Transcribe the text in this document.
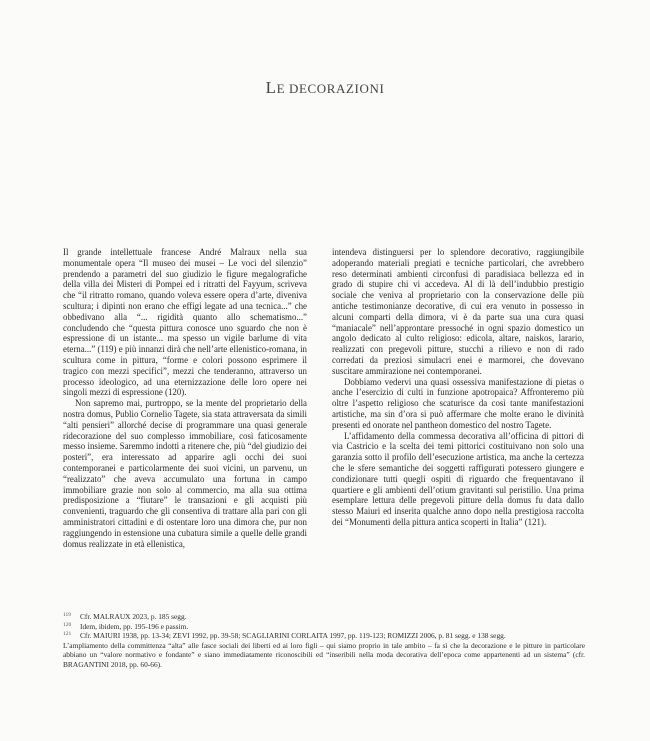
LE DECORAZIONI

Il grande intellettuale francese André Malraux nella sua monumentale opera “Il museo dei musei – Le voci del silenzio” prendendo a parametri del suo giudizio le figure megalografiche della villa dei Misteri di Pompei ed i ritratti del Fayyum, scriveva che “il ritratto romano, quando voleva essere opera d’arte, diveniva scultura; i dipinti non erano che effigi legate ad una tecnica...” che obbedivano alla “... rigidità quanto allo schematismo...” concludendo che “questa pittura conosce uno sguardo che non è espressione di un istante... ma spesso un vigile barlume di vita eterna...” (119) e più innanzi dirà che nell’arte ellenistico-romana, in scultura come in pittura, “forme e colori possono esprimere il tragico con mezzi specifici”, mezzi che tenderanno, attraverso un processo ideologico, ad una eternizzazione delle loro opere nei singoli mezzi di espressione (120).

Non sapremo mai, purtroppo, se la mente del proprietario della nostra domus, Publio Cornelio Tagete, sia stata attraversata da simili “alti pensieri” allorché decise di programmare una quasi generale ridecorazione del suo complesso immobiliare, così faticosamente messo insieme. Saremmo indotti a ritenere che, più “del giudizio dei posteri”, era interessato ad apparire agli occhi dei suoi contemporanei e particolarmente dei suoi vicini, un parvenu, un “realizzato” che aveva accumulato una fortuna in campo immobiliare grazie non solo al commercio, ma alla sua ottima predisposizione a “fiutare” le transazioni e gli acquisti più convenienti, traguardo che gli consentiva di trattare alla pari con gli amministratori cittadini e di ostentare loro una dimora che, pur non raggiungendo in estensione una cubatura simile a quelle delle grandi domus realizzate in età ellenistica,

intendeva distinguersi per lo splendore decorativo, raggiungibile adoperando materiali pregiati e tecniche particolari, che avrebbero reso determinati ambienti circonfusi di paradisiaca bellezza ed in grado di stupire chi vi accedeva. Al di là dell’indubbio prestigio sociale che veniva al proprietario con la conservazione delle più antiche testimonianze decorative, di cui era venuto in possesso in alcuni comparti della dimora, vi è da parte sua una cura quasi “maniacale” nell’approntare pressoché in ogni spazio domestico un angolo dedicato al culto religioso: edicola, altare, naiskos, larario, realizzati con pregevoli pitture, stucchi a rilievo e non di rado corredati da preziosi simulacri enei e marmorei, che dovevano suscitare ammirazione nei contemporanei.

Dobbiamo vedervi una quasi ossessiva manifestazione di pietas o anche l’esercizio di culti in funzione apotropaica? Affronteremo più oltre l’aspetto religioso che scaturisce da così tante manifestazioni artistiche, ma sin d’ora si può affermare che molte erano le divinità presenti ed onorate nel pantheon domestico del nostro Tagete.

L’affidamento della commessa decorativa all’officina di pittori di via Castricio e la scelta dei temi pittorici costituivano non solo una garanzia sotto il profilo dell’esecuzione artistica, ma anche la certezza che le sfere semantiche dei soggetti raffigurati potessero giungere e condizionare tutti quegli ospiti di riguardo che frequentavano il quartiere e gli ambienti dell’otium gravitanti sul peristilio. Una prima esemplare lettura delle pregevoli pitture della domus fu data dallo stesso Maiuri ed inserita qualche anno dopo nella prestigiosa raccolta dei “Monumenti della pittura antica scoperti in Italia” (121).

119 Cfr. MALRAUX 2023, p. 185 segg.

120 Idem, ibidem, pp. 195-196 e passim.

121 Cfr. MAIURI 1938, pp. 13-34; ZEVI 1992, pp. 39-58; SCAGLIARINI CORLAITA 1997, pp. 119-123; ROMIZZI 2006, p. 81 segg. e 138 segg.

L’ampliamento della committenza “alta” alle fasce sociali dei liberti ed ai loro figli – qui siamo proprio in tale ambito – fa sì che la decorazione e le pitture in particolare abbiano un “valore normativo e fondante” e siano immediatamente riconoscibili ed “inseribili nella moda decorativa dell’epoca come appartenenti ad un sistema” (cfr. BRAGANTINI 2018, pp. 60-66).
